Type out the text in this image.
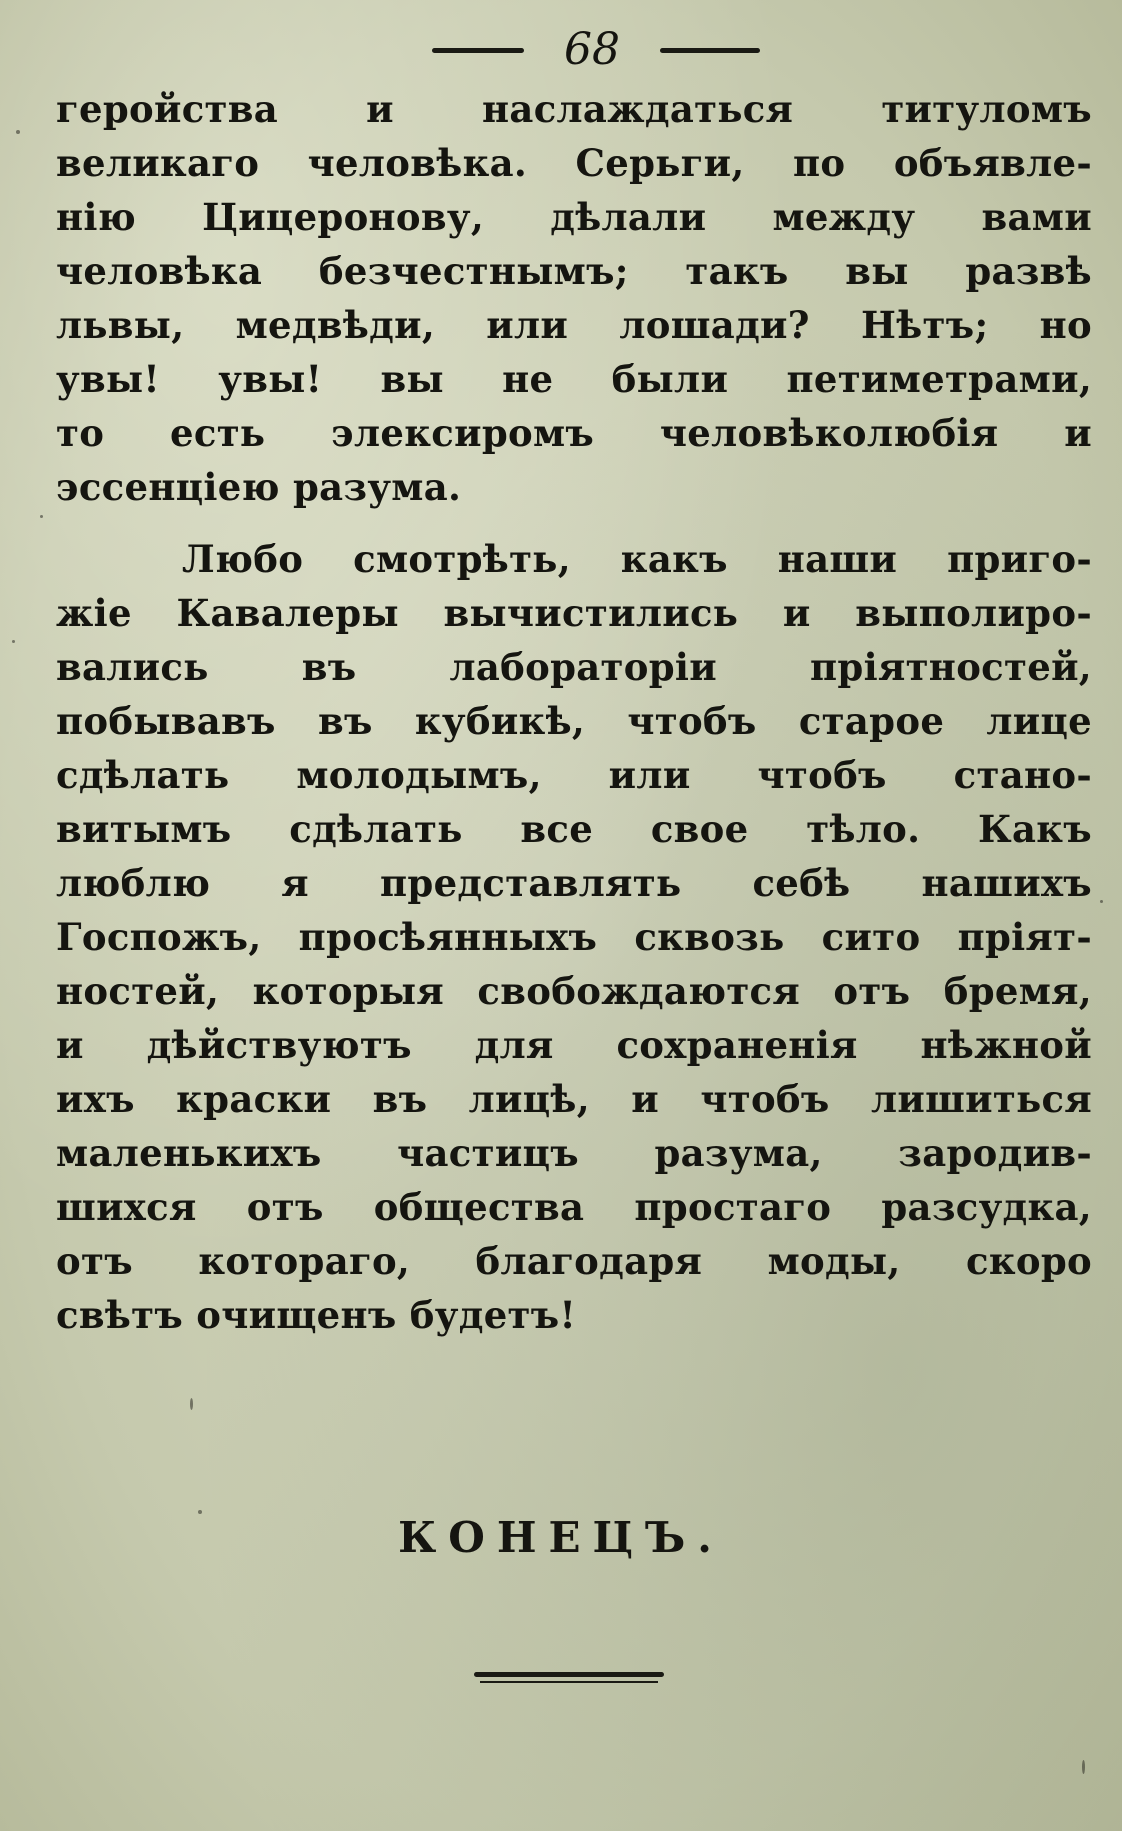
68
геройства и наслаждаться титуломъ
великаго человѣка. Серьги, по объявле-
нію Цицеронову, дѣлали между вами
человѣка безчестнымъ; такъ вы развѣ
львы, медвѣди, или лошади? Нѣтъ; но
увы! увы! вы не были петиметрами,
то есть элексиромъ человѣколюбія и
эссенціею разума.
Любо смотрѣть, какъ наши приго-
жіе Кавалеры вычистились и выполиро-
вались въ лабораторіи пріятностей,
побывавъ въ кубикѣ, чтобъ старое лице
сдѣлать молодымъ, или чтобъ стано-
витымъ сдѣлать все свое тѣло. Какъ
люблю я представлять себѣ нашихъ
Госпожъ, просѣянныхъ сквозь сито пріят-
ностей, которыя свобождаются отъ бремя,
и дѣйствуютъ для сохраненія нѣжной
ихъ краски въ лицѣ, и чтобъ лишиться
маленькихъ частицъ разума, зародив-
шихся отъ общества простаго разсудка,
отъ котораго, благодаря моды, скоро
свѣтъ очищенъ будетъ!
КОНЕЦЪ.
